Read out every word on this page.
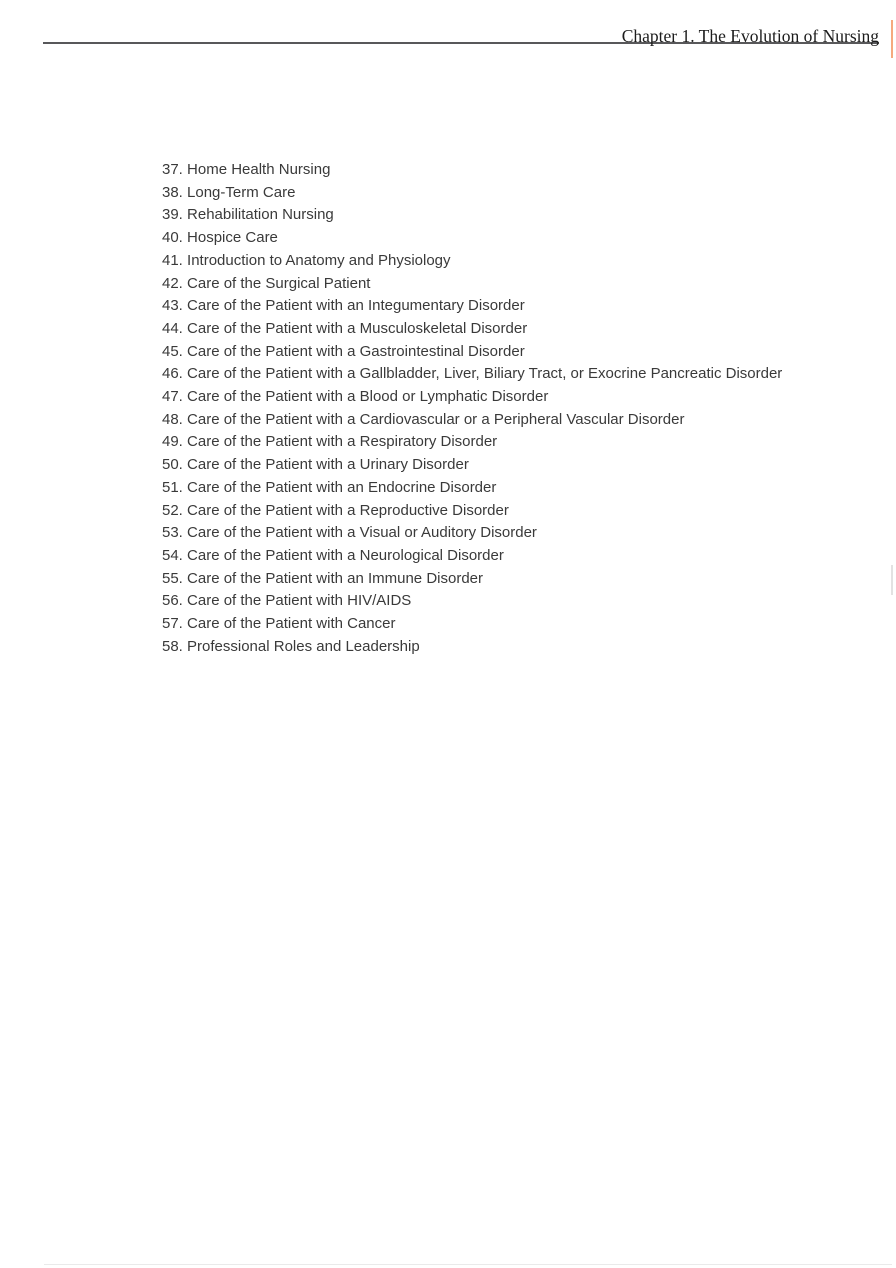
Chapter 1. The Evolution of Nursing
37. Home Health Nursing
38. Long-Term Care
39. Rehabilitation Nursing
40. Hospice Care
41. Introduction to Anatomy and Physiology
42. Care of the Surgical Patient
43. Care of the Patient with an Integumentary Disorder
44. Care of the Patient with a Musculoskeletal Disorder
45. Care of the Patient with a Gastrointestinal Disorder
46. Care of the Patient with a Gallbladder, Liver, Biliary Tract, or Exocrine Pancreatic Disorder
47. Care of the Patient with a Blood or Lymphatic Disorder
48. Care of the Patient with a Cardiovascular or a Peripheral Vascular Disorder
49. Care of the Patient with a Respiratory Disorder
50. Care of the Patient with a Urinary Disorder
51. Care of the Patient with an Endocrine Disorder
52. Care of the Patient with a Reproductive Disorder
53. Care of the Patient with a Visual or Auditory Disorder
54. Care of the Patient with a Neurological Disorder
55. Care of the Patient with an Immune Disorder
56. Care of the Patient with HIV/AIDS
57. Care of the Patient with Cancer
58. Professional Roles and Leadership
